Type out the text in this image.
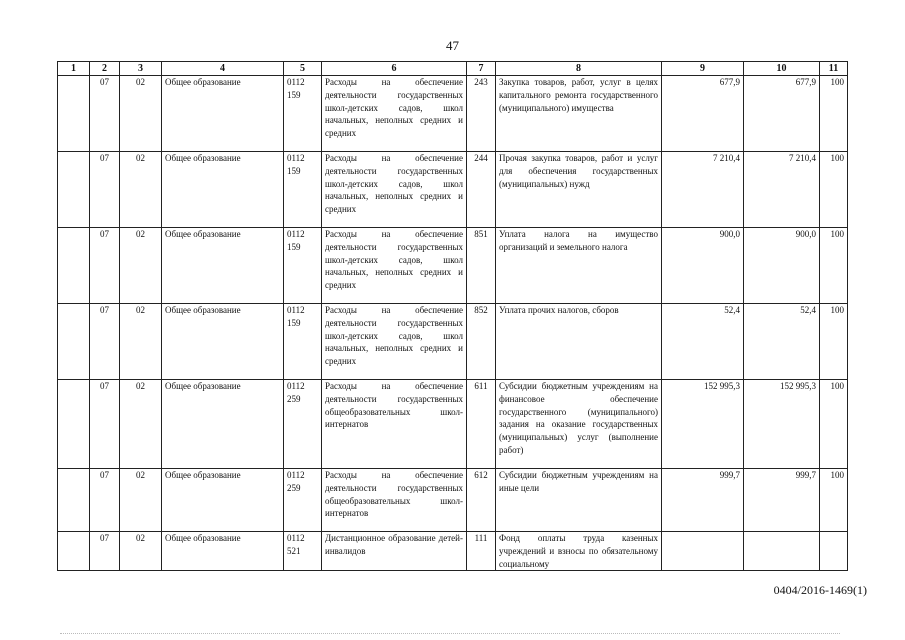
47
1	2	3	4	5	6	7	8	9	10	11
	07	02	Общее образование	0112 159	Расходы на обеспечение деятельности государственных школ-детских садов, школ начальных, неполных средних и средних	243	Закупка товаров, работ, услуг в целях капитального ремонта государственного (муниципального) имущества	677,9	677,9	100
	07	02	Общее образование	0112 159	Расходы на обеспечение деятельности государственных школ-детских садов, школ начальных, неполных средних и средних	244	Прочая закупка товаров, работ и услуг для обеспечения государственных (муниципальных) нужд	7 210,4	7 210,4	100
	07	02	Общее образование	0112 159	Расходы на обеспечение деятельности государственных школ-детских садов, школ начальных, неполных средних и средних	851	Уплата налога на имущество организаций и земельного налога	900,0	900,0	100
	07	02	Общее образование	0112 159	Расходы на обеспечение деятельности государственных школ-детских садов, школ начальных, неполных средних и средних	852	Уплата прочих налогов, сборов	52,4	52,4	100
	07	02	Общее образование	0112 259	Расходы на обеспечение деятельности государственных общеобразовательных школ-интернатов	611	Субсидии бюджетным учреждениям на финансовое обеспечение государственного (муниципального) задания на оказание государственных (муниципальных) услуг (выполнение работ)	152 995,3	152 995,3	100
	07	02	Общее образование	0112 259	Расходы на обеспечение деятельности государственных общеобразовательных школ-интернатов	612	Субсидии бюджетным учреждениям на иные цели	999,7	999,7	100
	07	02	Общее образование	0112 521	Дистанционное образование детей-инвалидов	111	Фонд оплаты труда казенных учреждений и взносы по обязательному социальному			
0404/2016-1469(1)
